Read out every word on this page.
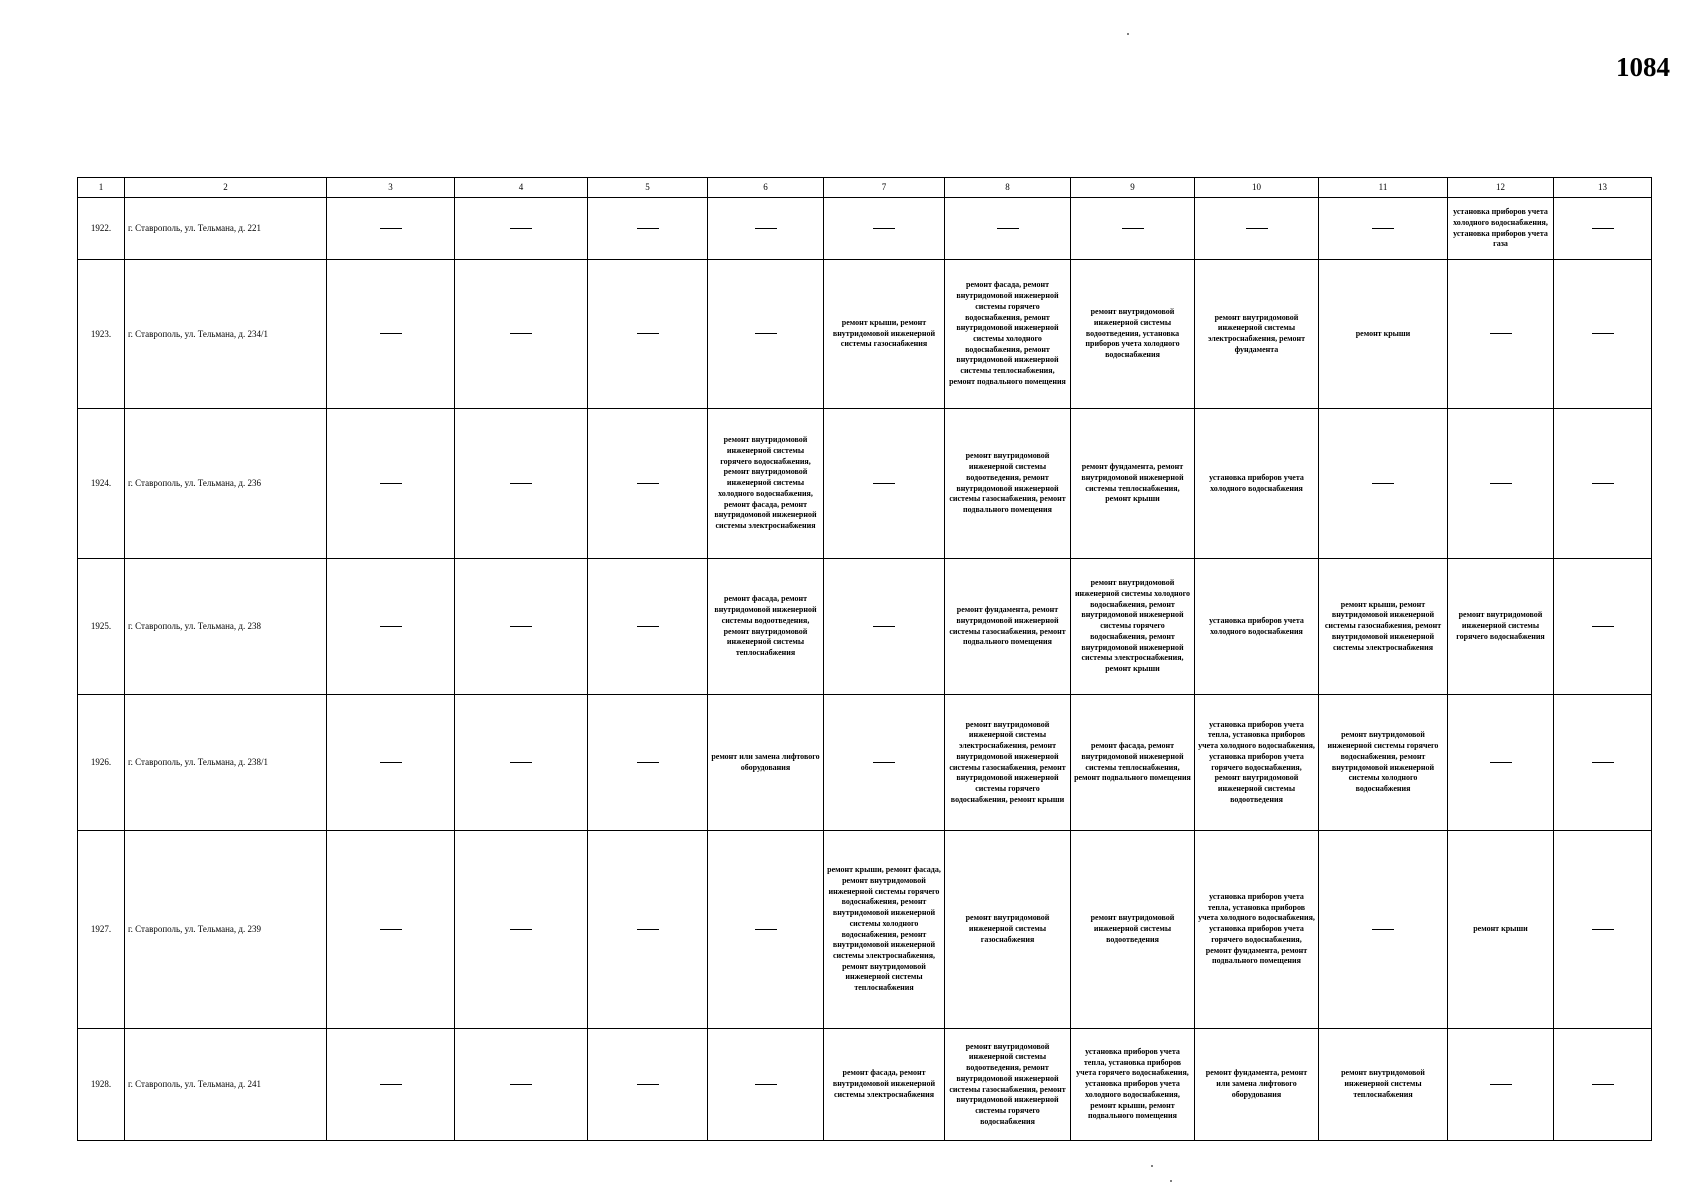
1084
1	2	3	4	5	6	7	8	9	10	11	12	13
1922.	г. Ставрополь, ул. Тельмана, д. 221										установка приборов учета холодного водоснабжения, установка приборов учета газа	
1923.	г. Ставрополь, ул. Тельмана, д. 234/1					ремонт крыши, ремонт внутридомовой инженерной системы газоснабжения	ремонт фасада, ремонт внутридомовой инженерной системы горячего водоснабжения, ремонт внутридомовой инженерной системы холодного водоснабжения, ремонт внутридомовой инженерной системы теплоснабжения, ремонт подвального помещения	ремонт внутридомовой инженерной системы водоотведения, установка приборов учета холодного водоснабжения	ремонт внутридомовой инженерной системы электроснабжения, ремонт фундамента	ремонт крыши		
1924.	г. Ставрополь, ул. Тельмана, д. 236				ремонт внутридомовой инженерной системы горячего водоснабжения, ремонт внутридомовой инженерной системы холодного водоснабжения, ремонт фасада, ремонт внутридомовой инженерной системы электроснабжения		ремонт внутридомовой инженерной системы водоотведения, ремонт внутридомовой инженерной системы газоснабжения, ремонт подвального помещения	ремонт фундамента, ремонт внутридомовой инженерной системы теплоснабжения, ремонт крыши	установка приборов учета холодного водоснабжения			
1925.	г. Ставрополь, ул. Тельмана, д. 238				ремонт фасада, ремонт внутридомовой инженерной системы водоотведения, ремонт внутридомовой инженерной системы теплоснабжения		ремонт фундамента, ремонт внутридомовой инженерной системы газоснабжения, ремонт подвального помещения	ремонт внутридомовой инженерной системы холодного водоснабжения, ремонт внутридомовой инженерной системы горячего водоснабжения, ремонт внутридомовой инженерной системы электроснабжения, ремонт крыши	установка приборов учета холодного водоснабжения	ремонт крыши, ремонт внутридомовой инженерной системы газоснабжения, ремонт внутридомовой инженерной системы электроснабжения	ремонт внутридомовой инженерной системы горячего водоснабжения	
1926.	г. Ставрополь, ул. Тельмана, д. 238/1				ремонт или замена лифтового оборудования		ремонт внутридомовой инженерной системы электроснабжения, ремонт внутридомовой инженерной системы газоснабжения, ремонт внутридомовой инженерной системы горячего водоснабжения, ремонт крыши	ремонт фасада, ремонт внутридомовой инженерной системы теплоснабжения, ремонт подвального помещения	установка приборов учета тепла, установка приборов учета холодного водоснабжения, установка приборов учета горячего водоснабжения, ремонт внутридомовой инженерной системы водоотведения	ремонт внутридомовой инженерной системы горячего водоснабжения, ремонт внутридомовой инженерной системы холодного водоснабжения		
1927.	г. Ставрополь, ул. Тельмана, д. 239					ремонт крыши, ремонт фасада, ремонт внутридомовой инженерной системы горячего водоснабжения, ремонт внутридомовой инженерной системы холодного водоснабжения, ремонт внутридомовой инженерной системы электроснабжения, ремонт внутридомовой инженерной системы теплоснабжения	ремонт внутридомовой инженерной системы газоснабжения	ремонт внутридомовой инженерной системы водоотведения	установка приборов учета тепла, установка приборов учета холодного водоснабжения, установка приборов учета горячего водоснабжения, ремонт фундамента, ремонт подвального помещения		ремонт крыши	
1928.	г. Ставрополь, ул. Тельмана, д. 241					ремонт фасада, ремонт внутридомовой инженерной системы электроснабжения	ремонт внутридомовой инженерной системы водоотведения, ремонт внутридомовой инженерной системы газоснабжения, ремонт внутридомовой инженерной системы горячего водоснабжения	установка приборов учета тепла, установка приборов учета горячего водоснабжения, установка приборов учета холодного водоснабжения, ремонт крыши, ремонт подвального помещения	ремонт фундамента, ремонт или замена лифтового оборудования	ремонт внутридомовой инженерной системы теплоснабжения		
